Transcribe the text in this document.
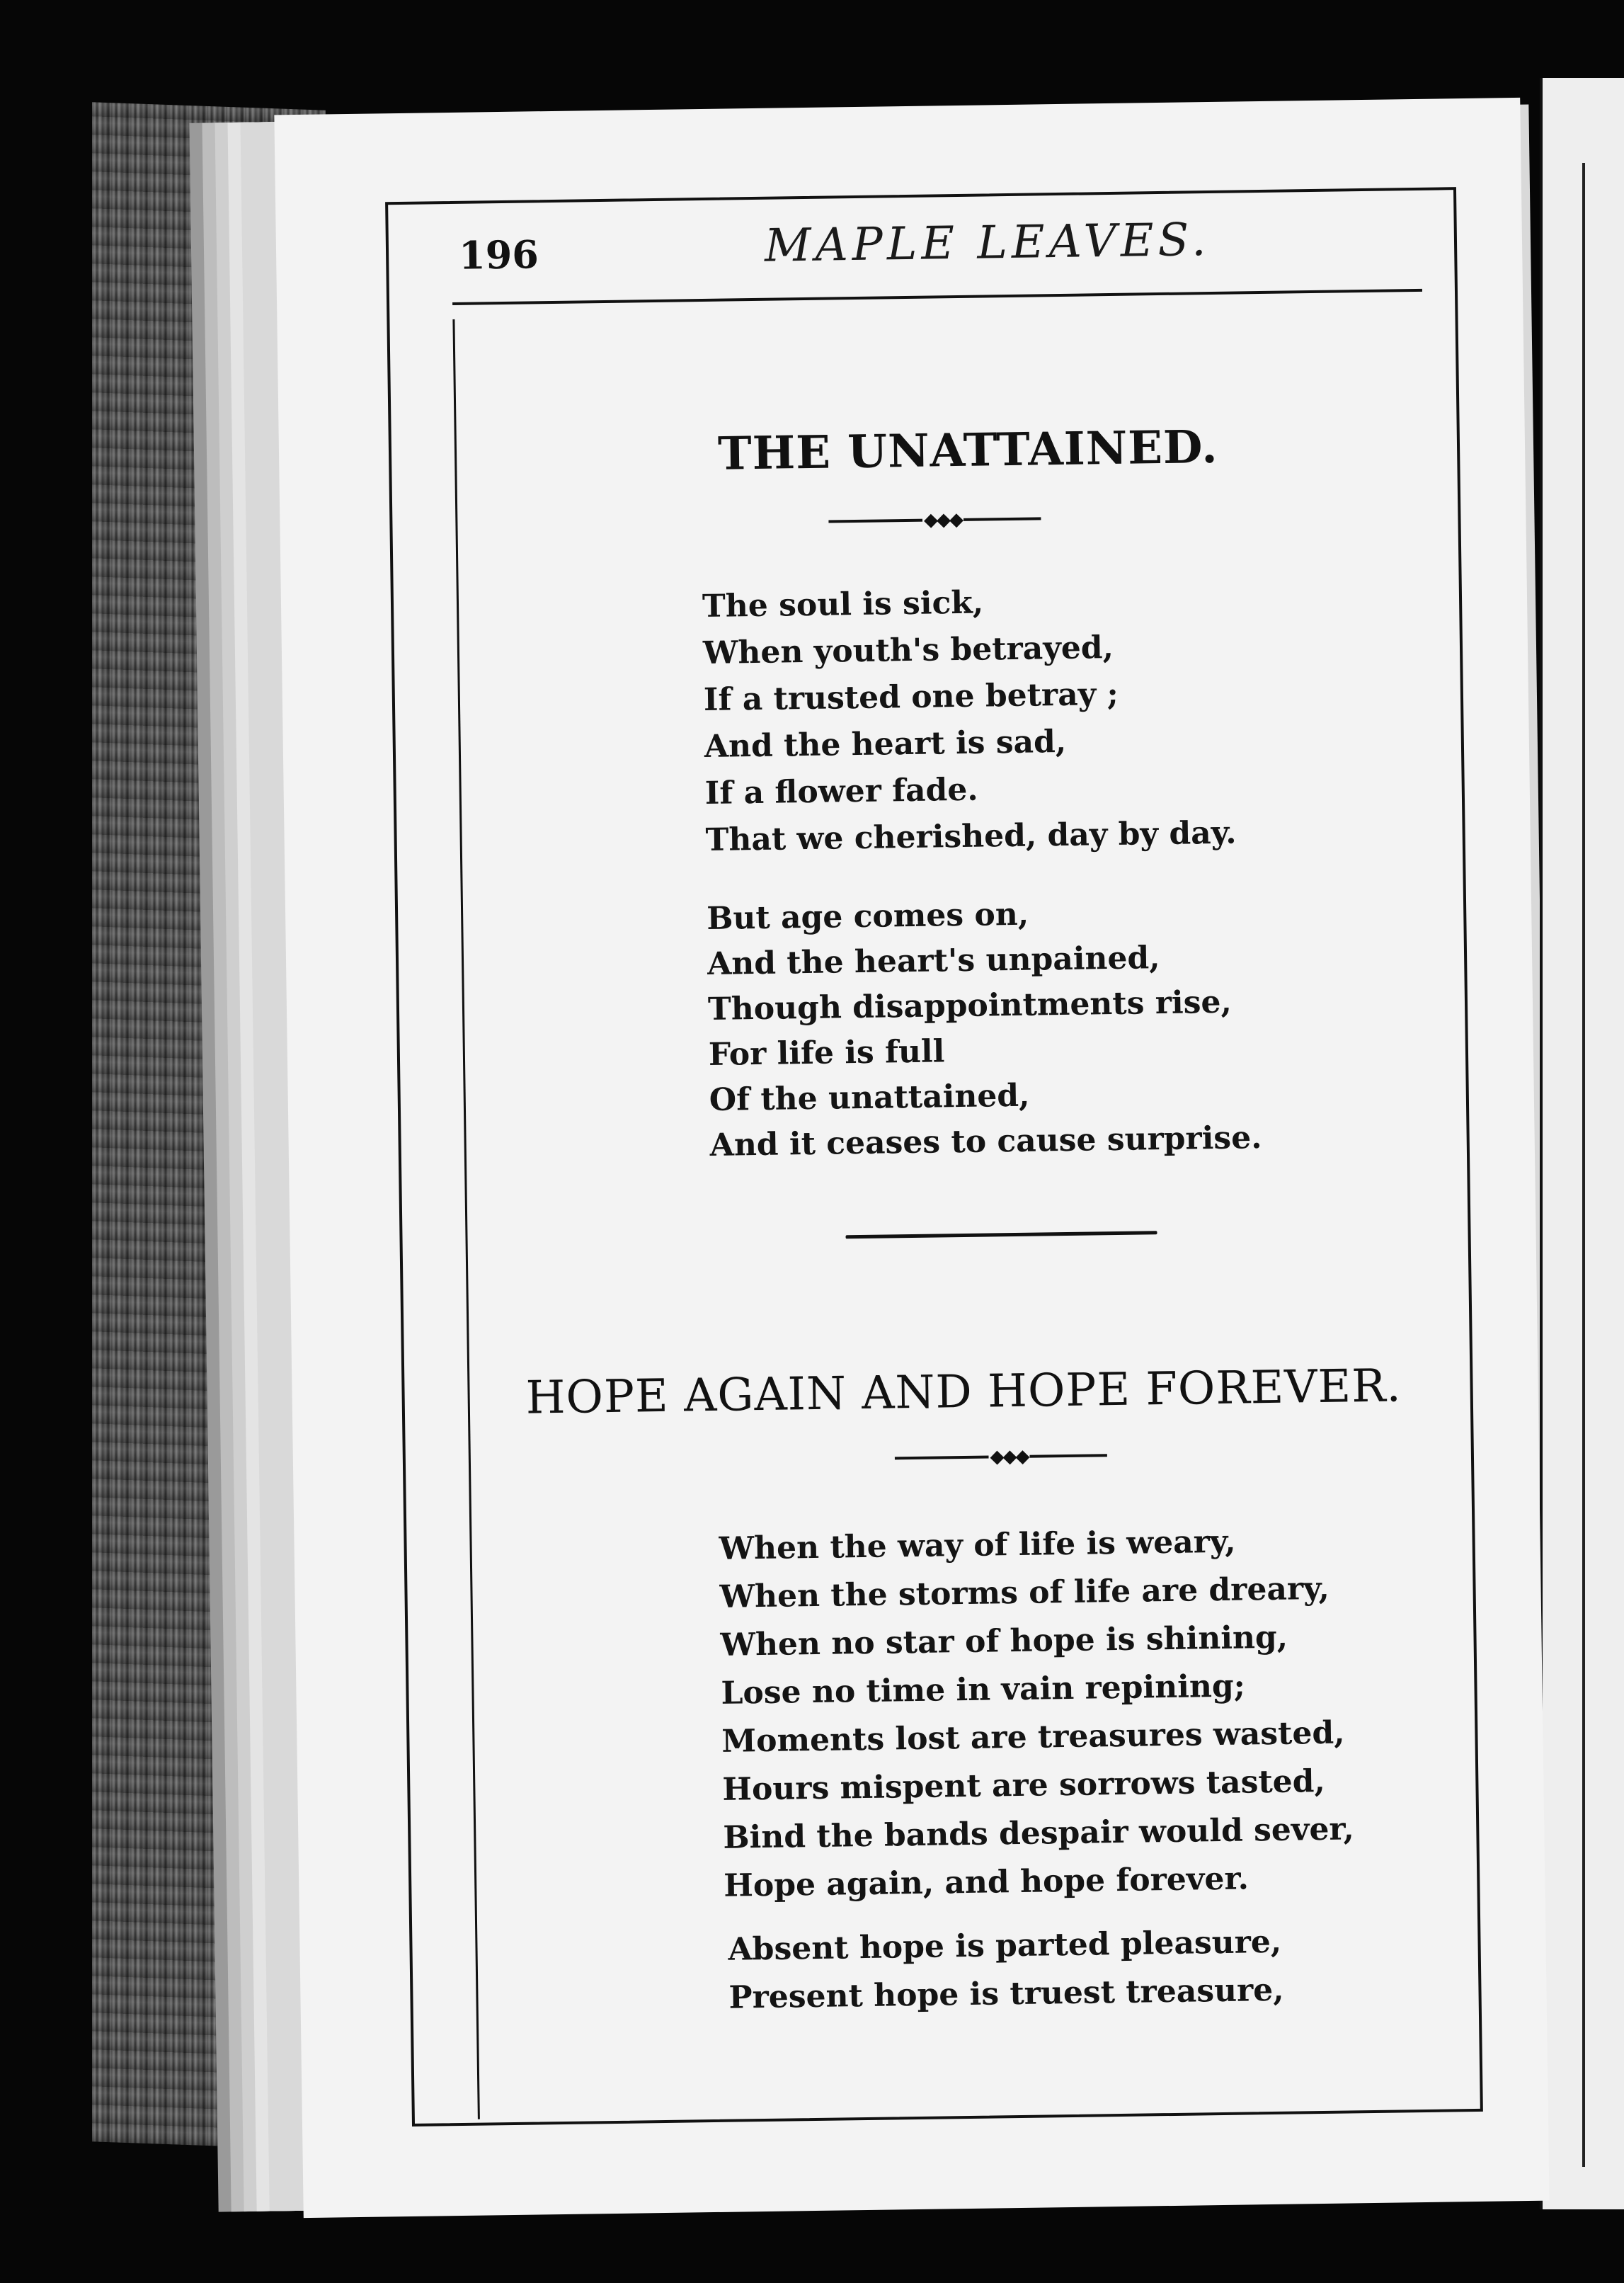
196	MAPLE LEAVES.
THE UNATTAINED.
◆◆◆
The soul is sick,
When youth's betrayed,
If a trusted one betray ;
And the heart is sad,
If a flower fade.
That we cherished, day by day.
But age comes on,
And the heart's unpained,
Though disappointments rise,
For life is full
Of the unattained,
And it ceases to cause surprise.
HOPE AGAIN AND HOPE FOREVER.
◆◆◆
When the way of life is weary,
When the storms of life are dreary,
When no star of hope is shining,
Lose no time in vain repining;
Moments lost are treasures wasted,
Hours mispent are sorrows tasted,
Bind the bands despair would sever,
Hope again, and hope forever.
Absent hope is parted pleasure,
Present hope is truest treasure,
